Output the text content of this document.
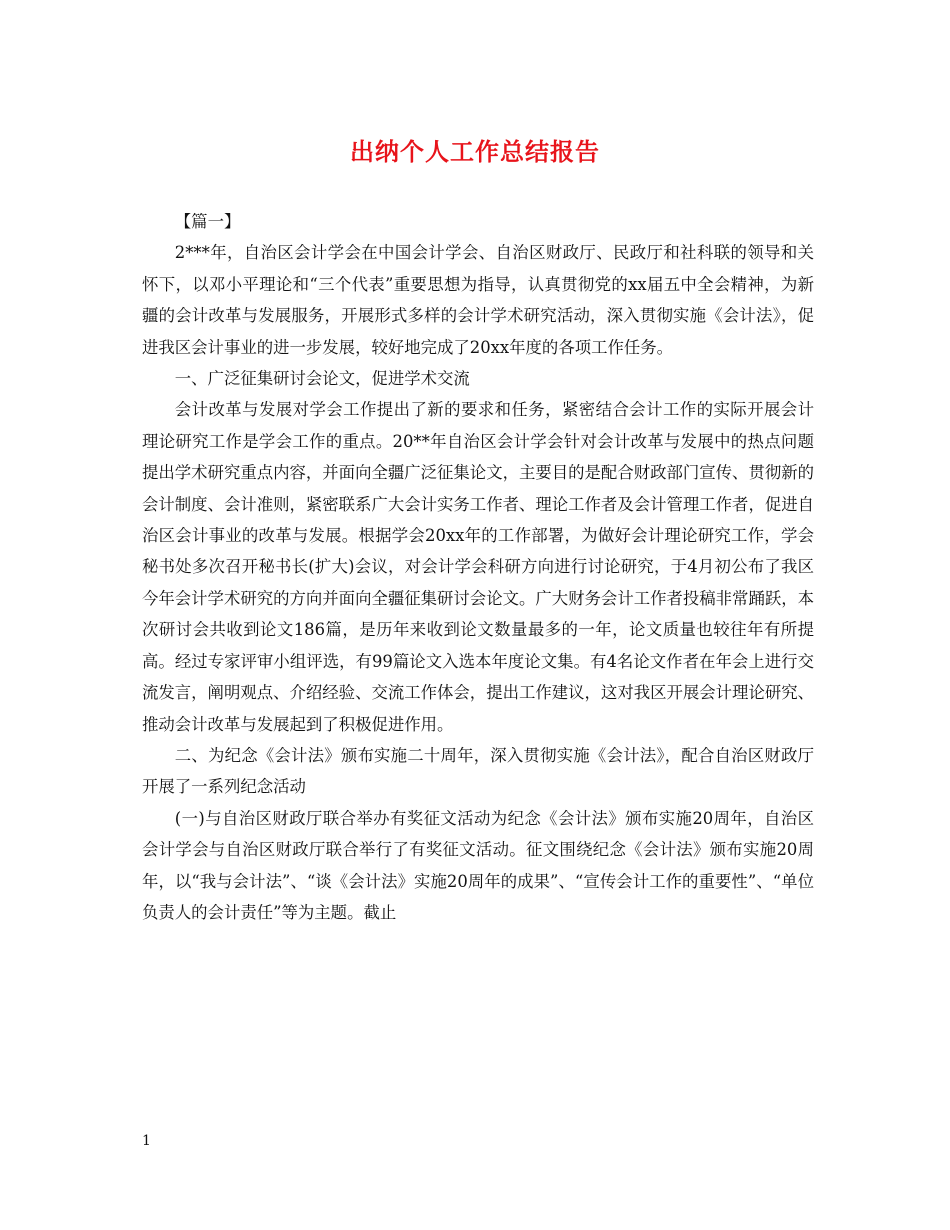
出纳个人工作总结报告

【篇一】

2***年，自治区会计学会在中国会计学会、自治区财政厅、民政厅和社科联的领导和关怀下，以邓小平理论和“三个代表”重要思想为指导，认真贯彻党的xx届五中全会精神，为新疆的会计改革与发展服务，开展形式多样的会计学术研究活动，深入贯彻实施《会计法》，促进我区会计事业的进一步发展，较好地完成了20xx年度的各项工作任务。

一、广泛征集研讨会论文，促进学术交流

会计改革与发展对学会工作提出了新的要求和任务，紧密结合会计工作的实际开展会计理论研究工作是学会工作的重点。20**年自治区会计学会针对会计改革与发展中的热点问题提出学术研究重点内容，并面向全疆广泛征集论文，主要目的是配合财政部门宣传、贯彻新的会计制度、会计准则，紧密联系广大会计实务工作者、理论工作者及会计管理工作者，促进自治区会计事业的改革与发展。根据学会20xx年的工作部署，为做好会计理论研究工作，学会秘书处多次召开秘书长(扩大)会议，对会计学会科研方向进行讨论研究，于4月初公布了我区今年会计学术研究的方向并面向全疆征集研讨会论文。广大财务会计工作者投稿非常踊跃，本次研讨会共收到论文186篇，是历年来收到论文数量最多的一年，论文质量也较往年有所提高。经过专家评审小组评选，有99篇论文入选本年度论文集。有4名论文作者在年会上进行交流发言，阐明观点、介绍经验、交流工作体会，提出工作建议，这对我区开展会计理论研究、推动会计改革与发展起到了积极促进作用。

二、为纪念《会计法》颁布实施二十周年，深入贯彻实施《会计法》，配合自治区财政厅开展了一系列纪念活动

(一)与自治区财政厅联合举办有奖征文活动为纪念《会计法》颁布实施20周年，自治区会计学会与自治区财政厅联合举行了有奖征文活动。征文围绕纪念《会计法》颁布实施20周年，以“我与会计法”、“谈《会计法》实施20周年的成果”、“宣传会计工作的重要性”、“单位负责人的会计责任”等为主题。截止

1
